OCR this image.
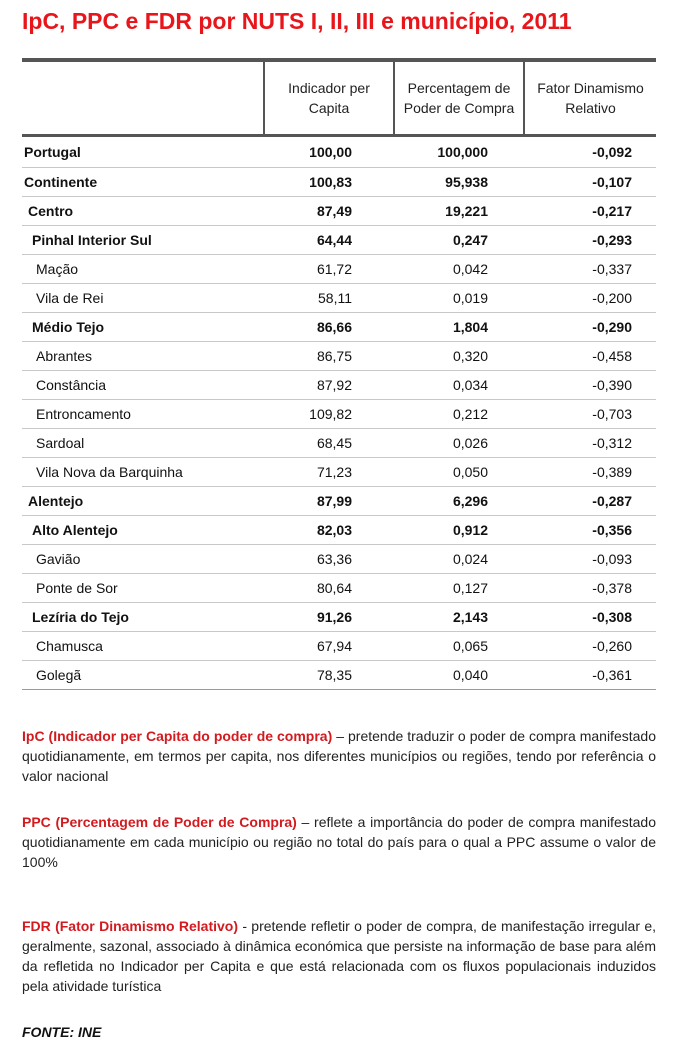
IpC, PPC e FDR por NUTS I, II, III e município, 2011
	Indicador per Capita	Percentagem de Poder de Compra	Fator Dinamismo Relativo
Portugal	100,00	100,000	-0,092
Continente	100,83	95,938	-0,107
Centro	87,49	19,221	-0,217
Pinhal Interior Sul	64,44	0,247	-0,293
Mação	61,72	0,042	-0,337
Vila de Rei	58,11	0,019	-0,200
Médio Tejo	86,66	1,804	-0,290
Abrantes	86,75	0,320	-0,458
Constância	87,92	0,034	-0,390
Entroncamento	109,82	0,212	-0,703
Sardoal	68,45	0,026	-0,312
Vila Nova da Barquinha	71,23	0,050	-0,389
Alentejo	87,99	6,296	-0,287
Alto Alentejo	82,03	0,912	-0,356
Gavião	63,36	0,024	-0,093
Ponte de Sor	80,64	0,127	-0,378
Lezíria do Tejo	91,26	2,143	-0,308
Chamusca	67,94	0,065	-0,260
Golegã	78,35	0,040	-0,361
IpC (Indicador per Capita do poder de compra) – pretende traduzir o poder de compra manifestado quotidianamente, em termos per capita, nos diferentes municípios ou regiões, tendo por referência o valor nacional
PPC (Percentagem de Poder de Compra) – reflete a importância do poder de compra manifestado quotidianamente em cada município ou região no total do país para o qual a PPC assume o valor de 100%
FDR (Fator Dinamismo Relativo) - pretende refletir o poder de compra, de manifestação irregular e, geralmente, sazonal, associado à dinâmica económica que persiste na informação de base para além da refletida no Indicador per Capita e que está relacionada com os fluxos populacionais induzidos pela atividade turística
FONTE: INE
